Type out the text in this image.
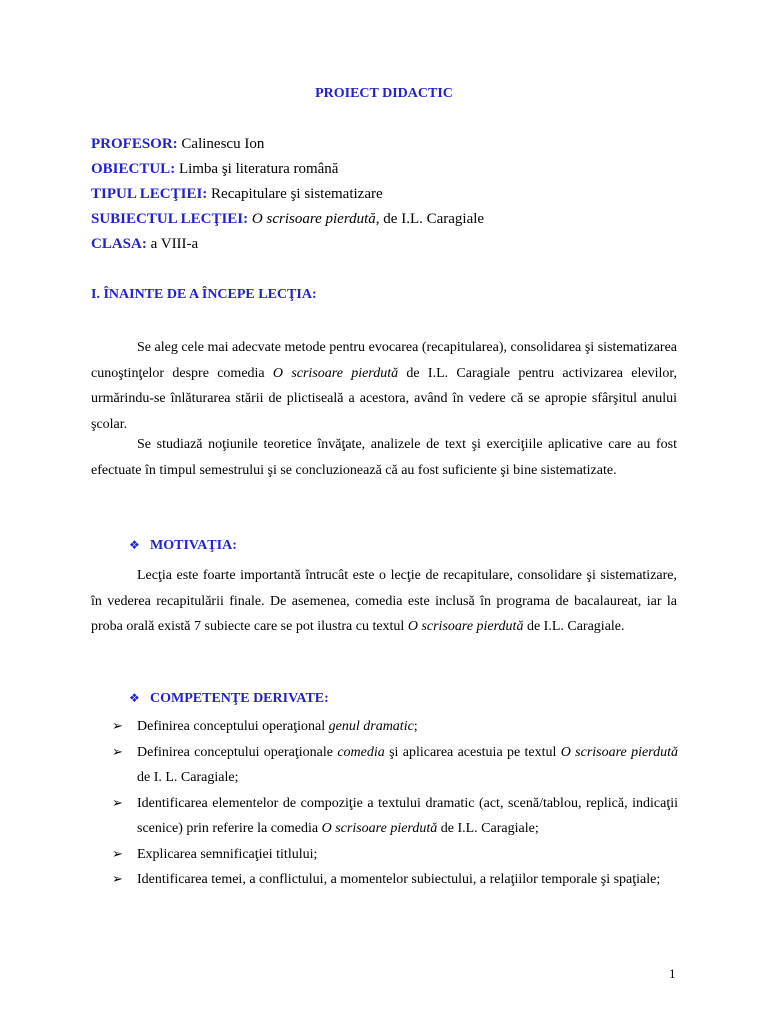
PROIECT DIDACTIC
PROFESOR: Calinescu Ion
OBIECTUL: Limba şi literatura română
TIPUL LECŢIEI: Recapitulare şi sistematizare
SUBIECTUL LECŢIEI: O scrisoare pierdută, de I.L. Caragiale
CLASA: a VIII-a
I. ÎNAINTE DE A ÎNCEPE LECŢIA:

Se aleg cele mai adecvate metode pentru evocarea (recapitularea), consolidarea şi sistematizarea cunoştinţelor despre comedia O scrisoare pierdută de I.L. Caragiale pentru activizarea elevilor, urmărindu-se înlăturarea stării de plictiseală a acestora, având în vedere că se apropie sfârşitul anului şcolar.

Se studiază noţiunile teoretice învăţate, analizele de text şi exerciţiile aplicative care au fost efectuate în timpul semestrului şi se concluzionează că au fost suficiente şi bine sistematizate.

❖ MOTIVAŢIA:

Lecţia este foarte importantă întrucât este o lecţie de recapitulare, consolidare şi sistematizare, în vederea recapitulării finale. De asemenea, comedia este inclusă în programa de bacalaureat, iar la proba orală există 7 subiecte care se pot ilustra cu textul O scrisoare pierdută de I.L. Caragiale.

❖ COMPETENŢE DERIVATE:
➢ Definirea conceptului operaţional genul dramatic;
➢ Definirea conceptului operaţionale comedia şi aplicarea acestuia pe textul O scrisoare pierdută de I. L. Caragiale;
➢ Identificarea elementelor de compoziţie a textului dramatic (act, scenă/tablou, replică, indicaţii scenice) prin referire la comedia O scrisoare pierdută de I.L. Caragiale;
➢ Explicarea semnificaţiei titlului;
➢ Identificarea temei, a conflictului, a momentelor subiectului, a relaţiilor temporale şi spaţiale;
1
